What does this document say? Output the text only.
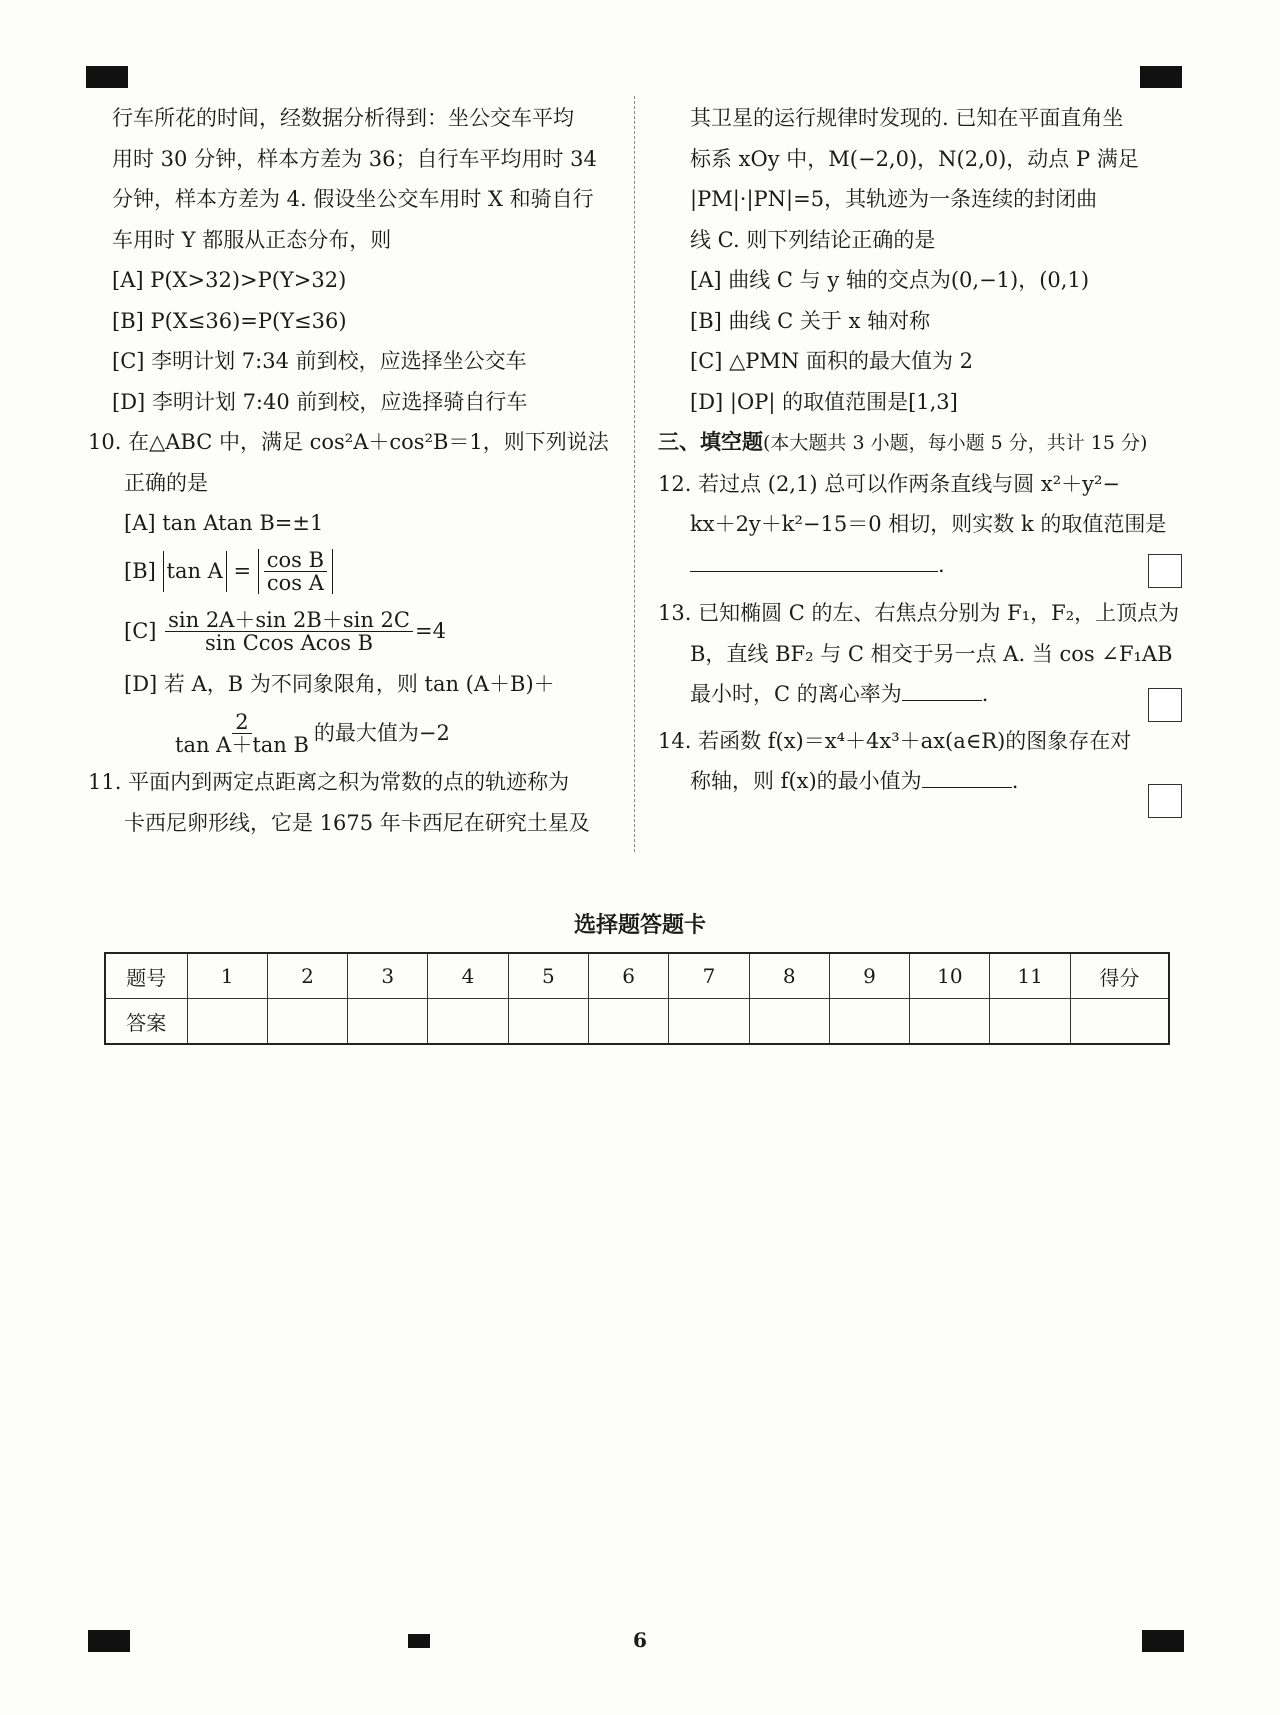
行车所花的时间，经数据分析得到：坐公交车平均
用时 30 分钟，样本方差为 36；自行车平均用时 34
分钟，样本方差为 4. 假设坐公交车用时 X 和骑自行
车用时 Y 都服从正态分布，则
[A] P(X>32)>P(Y>32)
[B] P(X≤36)=P(Y≤36)
[C] 李明计划 7:34 前到校，应选择坐公交车
[D] 李明计划 7:40 前到校，应选择骑自行车
10. 在△ABC 中，满足 cos²A＋cos²B＝1，则下列说法
正确的是
[A] tan Atan B=±1
[B] $\tan A = \frac{\text{cos B}}{\text{cos A}}$
$[C] \frac{\sin 2A+\sin 2B+\sin 2C}{\text{sin Ccos Acos B}} =4$
[D] 若 A，B 为不同象限角，则 tan (A＋B)＋
$\frac{2}{\text{tan A＋tan B}}$ 的最大值为−2
11. 平面内到两定点距离之积为常数的点的轨迹称为
卡西尼卵形线，它是 1675 年卡西尼在研究土星及
其卫星的运行规律时发现的. 已知在平面直角坐
标系 xOy 中，M(−2,0)，N(2,0)，动点 P 满足
|PM|·|PN|=5，其轨迹为一条连续的封闭曲
线 C. 则下列结论正确的是
[A] 曲线 C 与 y 轴的交点为(0,−1)，(0,1)
[B] 曲线 C 关于 x 轴对称
[C] △PMN 面积的最大值为 2
[D] |OP| 的取值范围是[1,3]
三、填空题(本大题共 3 小题，每小题 5 分，共计 15 分)
12. 若过点 (2,1) 总可以作两条直线与圆 x²＋y²−
kx＋2y＋k²−15＝0 相切，则实数 k 的取值范围是
.
13. 已知椭圆 C 的左、右焦点分别为 F₁，F₂，上顶点为
B，直线 BF₂ 与 C 相交于另一点 A. 当 cos ∠F₁AB
最小时，C 的离心率为	.
14. 若函数 f(x)＝x⁴＋4x³＋ax(a∈R)的图象存在对
称轴，则 f(x)的最小值为	.
选择题答题卡
题号	1	2	3	4	5	6	7	8	9	10	11	得分
答案												
6
